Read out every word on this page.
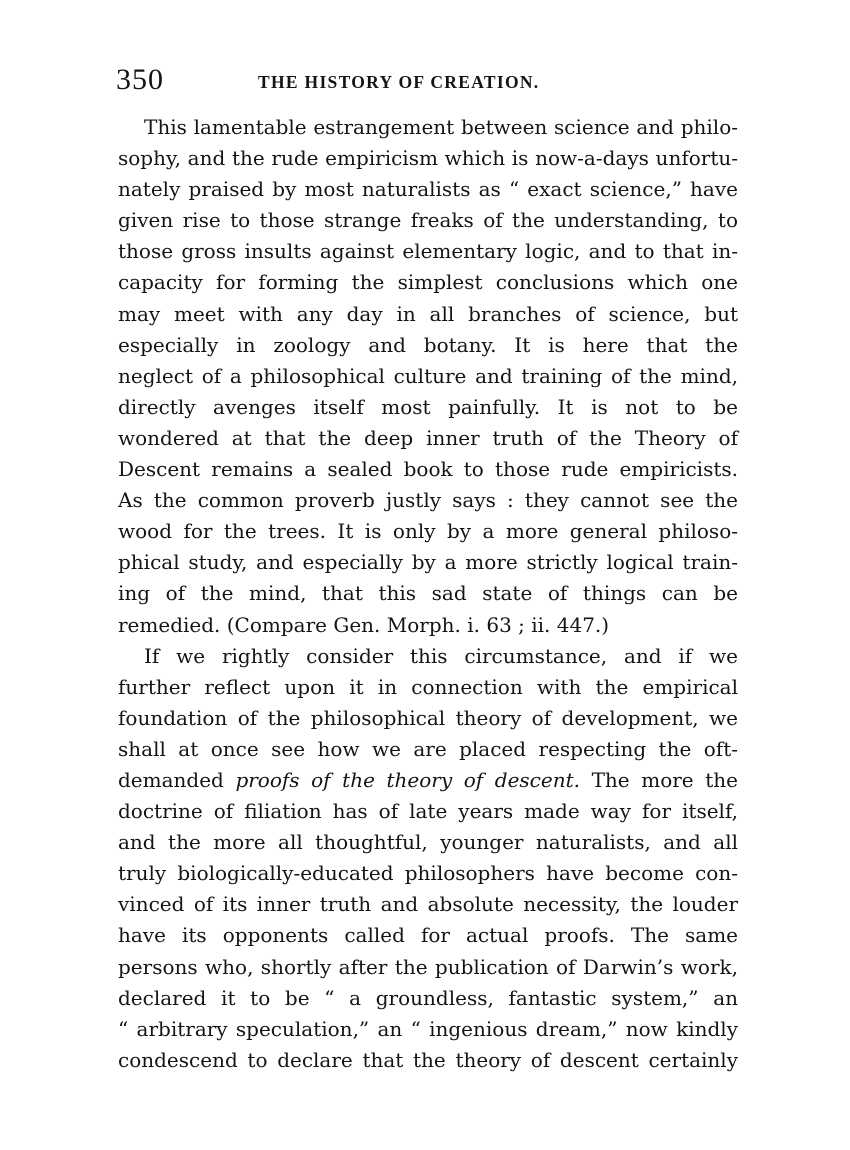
350	THE HISTORY OF CREATION.
This lamentable estrangement between science and philo-
sophy, and the rude empiricism which is now-a-days unfortu-
nately praised by most naturalists as “ exact science,” have
given rise to those strange freaks of the understanding, to
those gross insults against elementary logic, and to that in-
capacity for forming the simplest conclusions which one
may meet with any day in all branches of science, but
especially in zoology and botany. It is here that the
neglect of a philosophical culture and training of the mind,
directly avenges itself most painfully. It is not to be
wondered at that the deep inner truth of the Theory of
Descent remains a sealed book to those rude empiricists.
As the common proverb justly says : they cannot see the
wood for the trees. It is only by a more general philoso-
phical study, and especially by a more strictly logical train-
ing of the mind, that this sad state of things can be
remedied. (Compare Gen. Morph. i. 63 ; ii. 447.)
If we rightly consider this circumstance, and if we
further reflect upon it in connection with the empirical
foundation of the philosophical theory of development, we
shall at once see how we are placed respecting the oft-
demanded proofs of the theory of descent. The more the
doctrine of filiation has of late years made way for itself,
and the more all thoughtful, younger naturalists, and all
truly biologically-educated philosophers have become con-
vinced of its inner truth and absolute necessity, the louder
have its opponents called for actual proofs. The same
persons who, shortly after the publication of Darwin’s work,
declared it to be “ a groundless, fantastic system,” an
“ arbitrary speculation,” an “ ingenious dream,” now kindly
condescend to declare that the theory of descent certainly
